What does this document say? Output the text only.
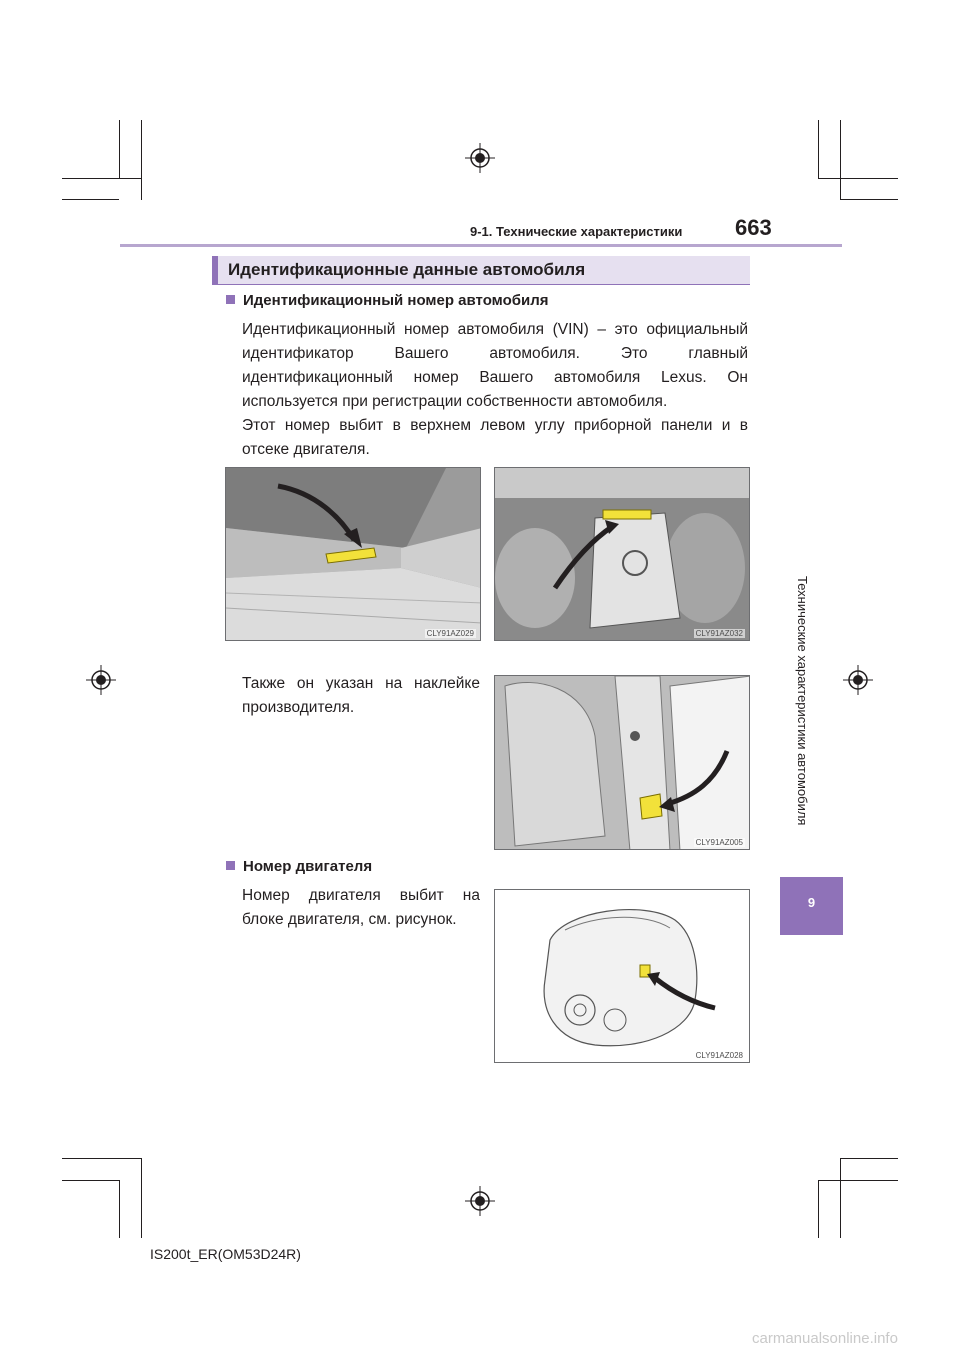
9-1. Технические характеристики 663
Идентификационные данные автомобиля
Идентификационный номер автомобиля
Идентификационный номер автомобиля (VIN) – это официальный идентификатор Вашего автомобиля. Это главный идентификационный номер Вашего автомобиля Lexus. Он используется при регистрации собственности автомобиля.
Этот номер выбит в верхнем левом углу приборной панели и в отсеке двигателя.
CLY91AZ029	CLY91AZ032
Также он указан на наклейке производителя.
CLY91AZ005
Номер двигателя
Номер двигателя выбит на блоке двигателя, см. рисунок.
CLY91AZ028
Технические характеристики автомобиля
9
IS200t_ER(OM53D24R)
carmanualsonline.info
